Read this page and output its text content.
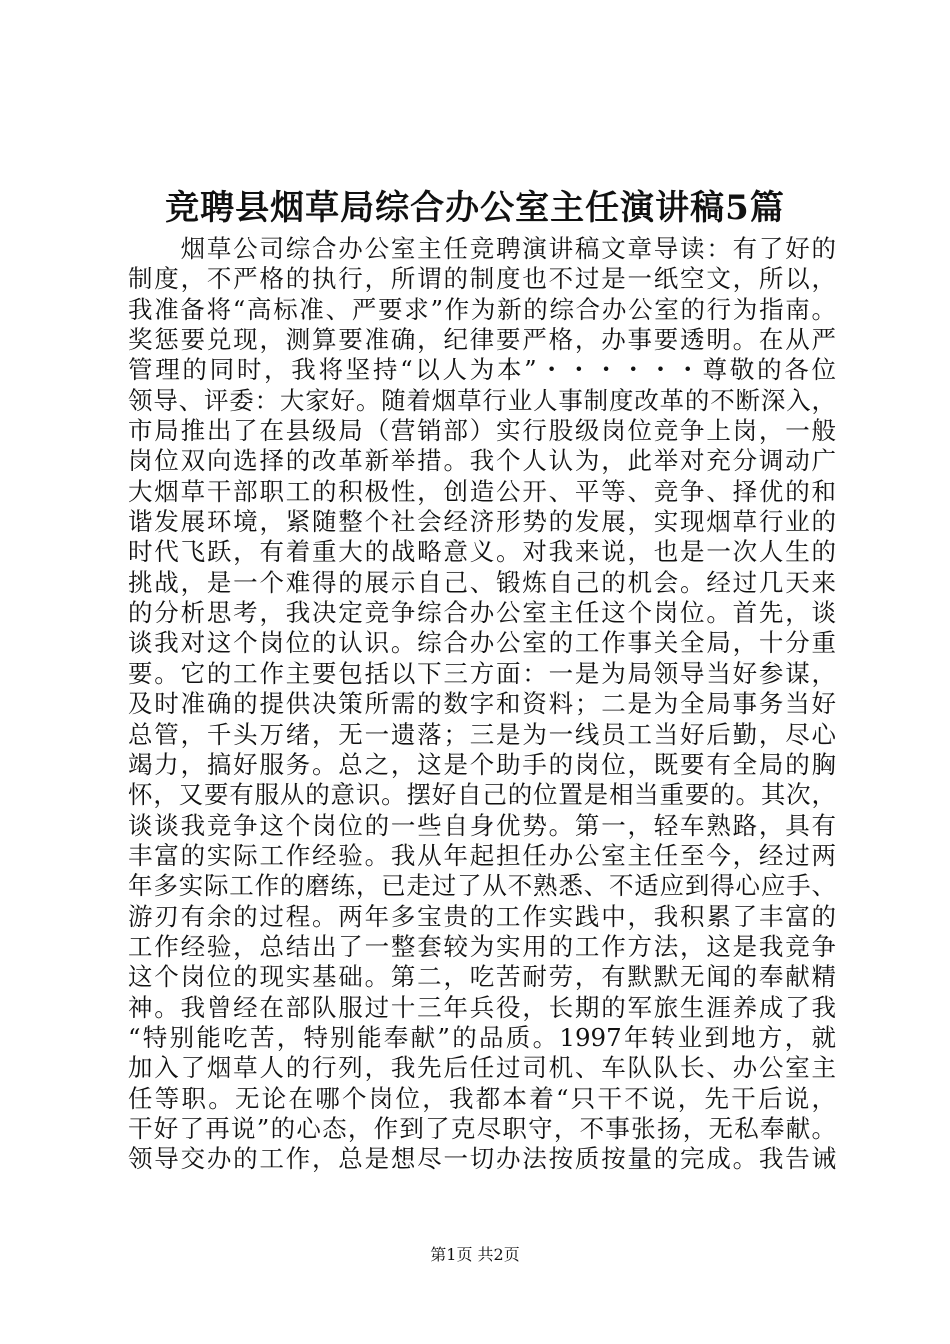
竞聘县烟草局综合办公室主任演讲稿5篇
　　烟草公司综合办公室主任竞聘演讲稿文章导读：有了好的
制度，不严格的执行，所谓的制度也不过是一纸空文，所以，
我准备将“高标准、严要求”作为新的综合办公室的行为指南。
奖惩要兑现，测算要准确，纪律要严格，办事要透明。在从严
管理的同时，我将坚持“以人为本”・・・・・・尊敬的各位
领导、评委：大家好。随着烟草行业人事制度改革的不断深入，
市局推出了在县级局（营销部）实行股级岗位竞争上岗，一般
岗位双向选择的改革新举措。我个人认为，此举对充分调动广
大烟草干部职工的积极性，创造公开、平等、竞争、择优的和
谐发展环境，紧随整个社会经济形势的发展，实现烟草行业的
时代飞跃，有着重大的战略意义。对我来说，也是一次人生的
挑战，是一个难得的展示自己、锻炼自己的机会。经过几天来
的分析思考，我决定竞争综合办公室主任这个岗位。首先，谈
谈我对这个岗位的认识。综合办公室的工作事关全局，十分重
要。它的工作主要包括以下三方面：一是为局领导当好参谋，
及时准确的提供决策所需的数字和资料；二是为全局事务当好
总管，千头万绪，无一遗落；三是为一线员工当好后勤，尽心
竭力，搞好服务。总之，这是个助手的岗位，既要有全局的胸
怀，又要有服从的意识。摆好自己的位置是相当重要的。其次，
谈谈我竞争这个岗位的一些自身优势。第一，轻车熟路，具有
丰富的实际工作经验。我从年起担任办公室主任至今，经过两
年多实际工作的磨练，已走过了从不熟悉、不适应到得心应手、
游刃有余的过程。两年多宝贵的工作实践中，我积累了丰富的
工作经验，总结出了一整套较为实用的工作方法，这是我竞争
这个岗位的现实基础。第二，吃苦耐劳，有默默无闻的奉献精
神。我曾经在部队服过十三年兵役，长期的军旅生涯养成了我
“特别能吃苦，特别能奉献”的品质。1997年转业到地方，就
加入了烟草人的行列，我先后任过司机、车队队长、办公室主
任等职。无论在哪个岗位，我都本着“只干不说，先干后说，
干好了再说”的心态，作到了克尽职守，不事张扬，无私奉献。
领导交办的工作，总是想尽一切办法按质按量的完成。我告诫
第1页 共2页
